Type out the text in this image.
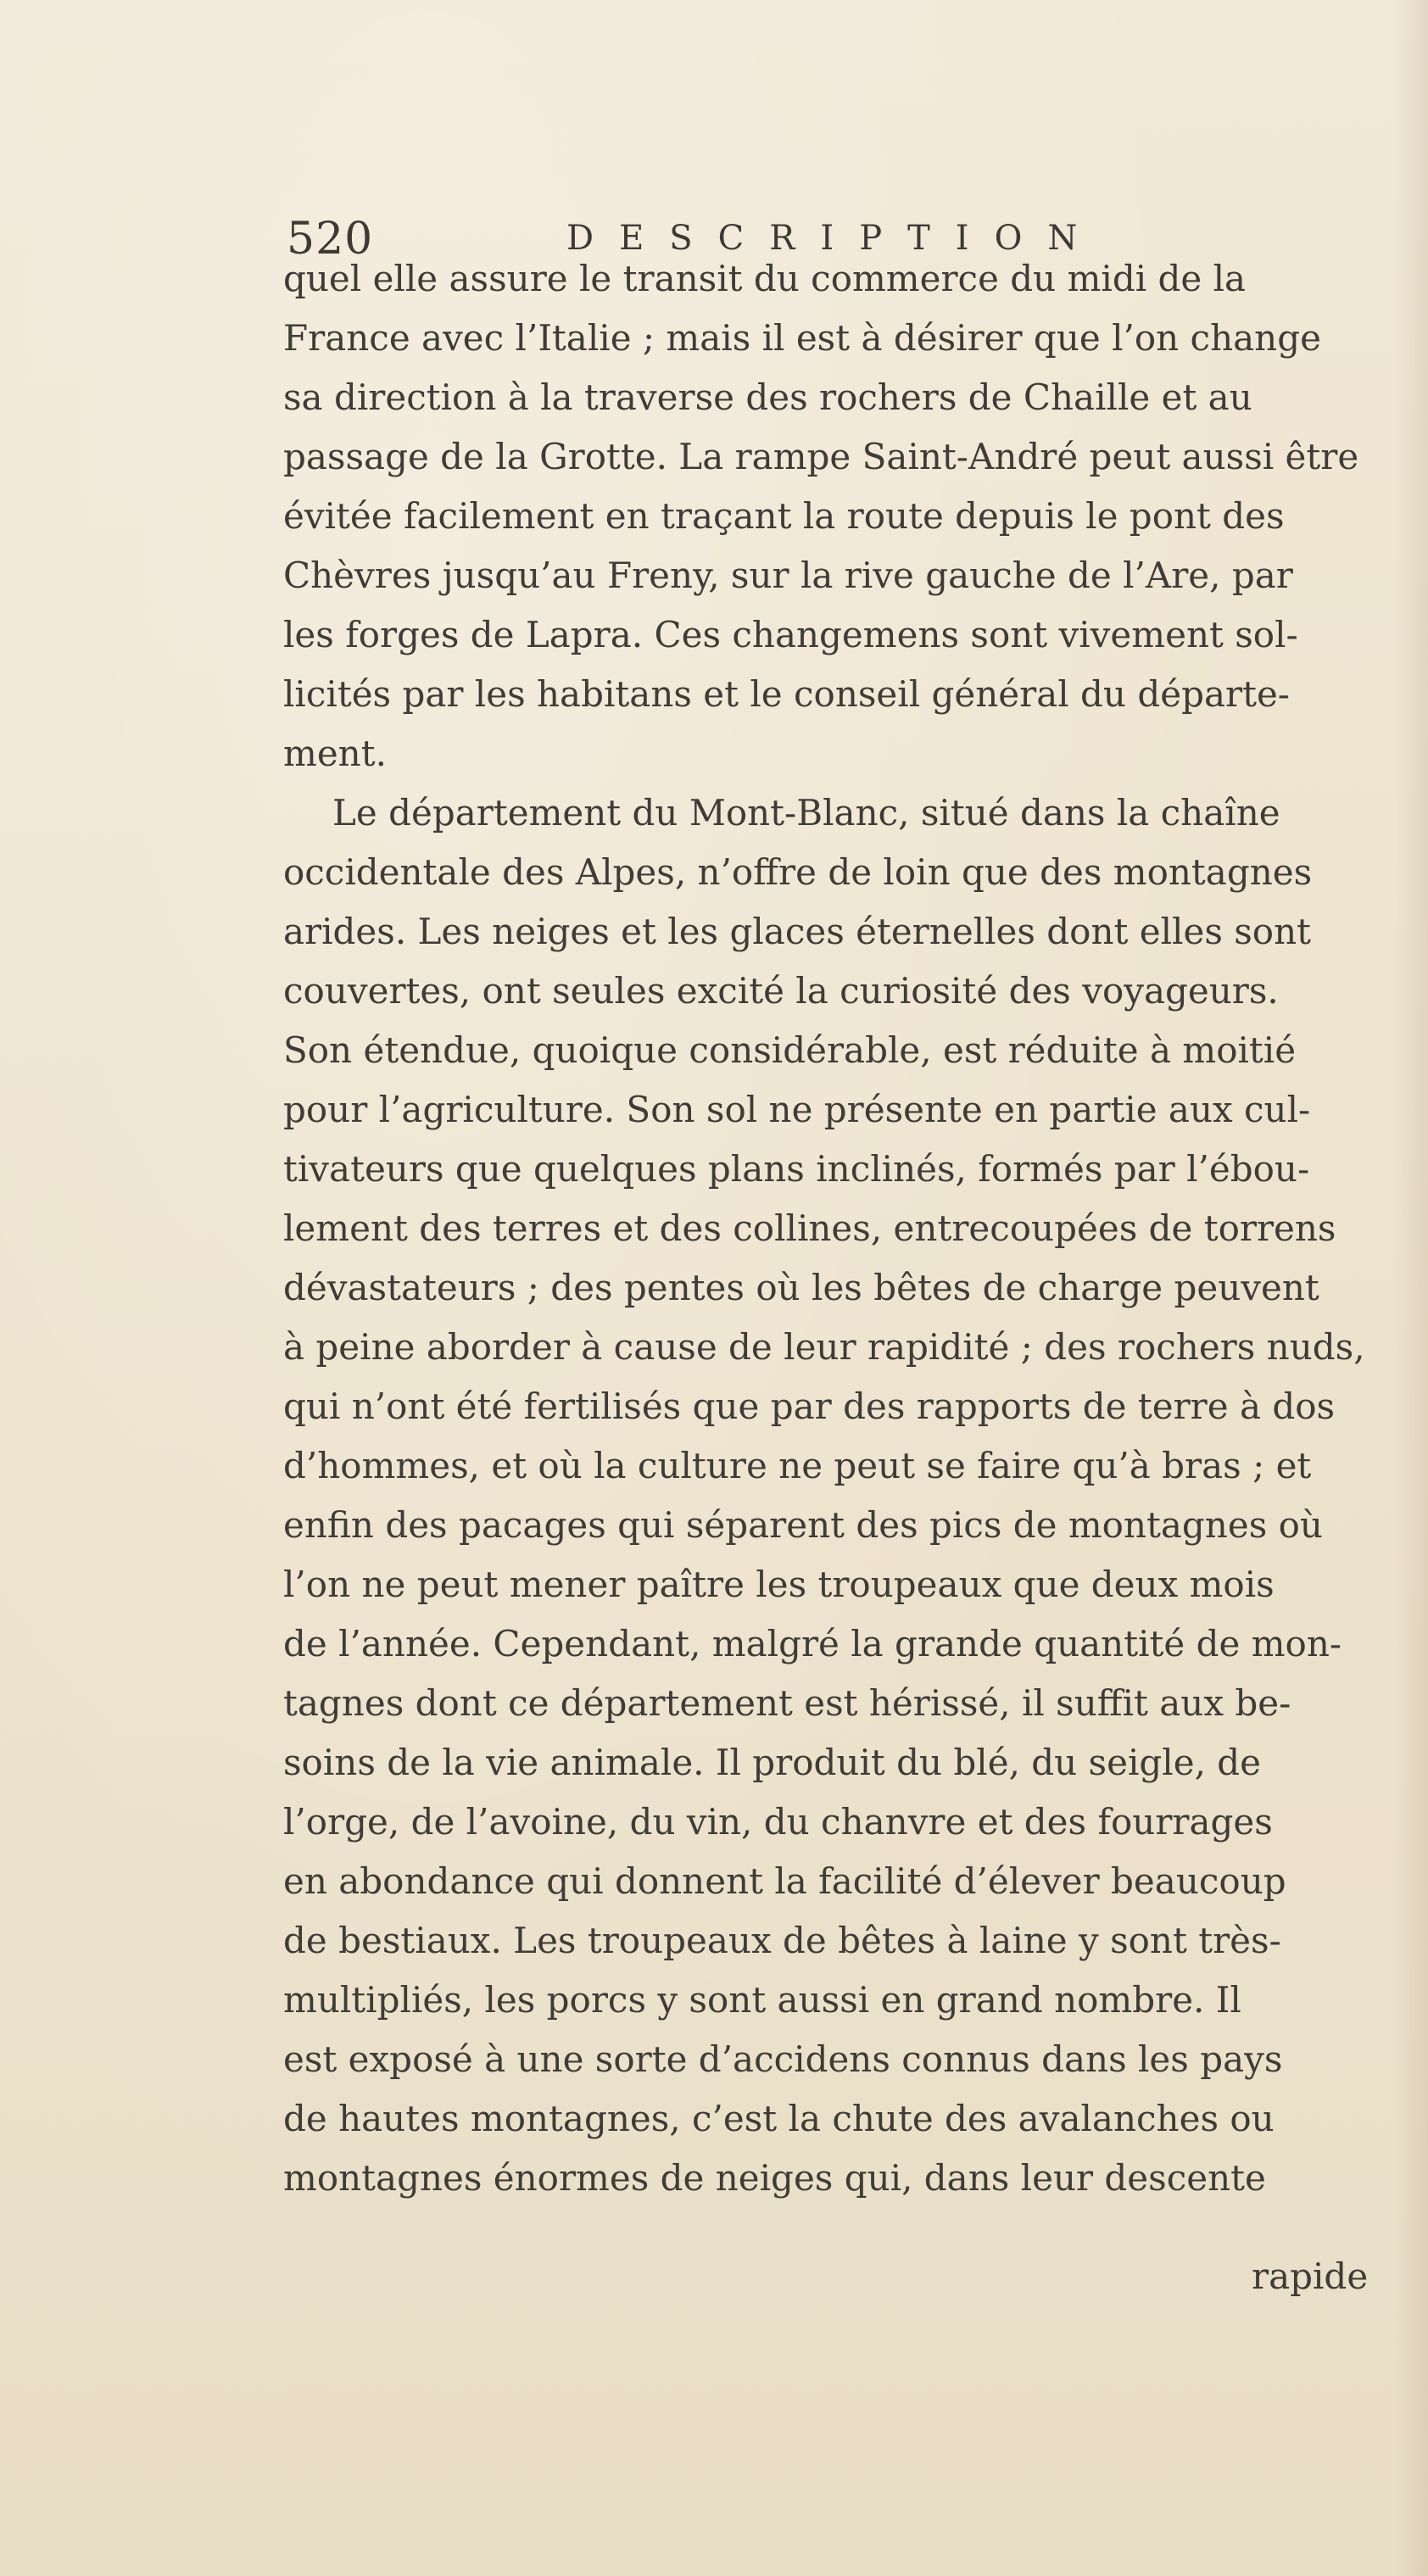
520	DESCRIPTION
quel elle assure le transit du commerce du midi de la
France avec l’Italie ; mais il est à désirer que l’on change
sa direction à la traverse des rochers de Chaille et au
passage de la Grotte. La rampe Saint-André peut aussi être
évitée facilement en traçant la route depuis le pont des
Chèvres jusqu’au Freny, sur la rive gauche de l’Are, par
les forges de Lapra. Ces changemens sont vivement sol-
licités par les habitans et le conseil général du départe-
ment.
Le département du Mont-Blanc, situé dans la chaîne
occidentale des Alpes, n’offre de loin que des montagnes
arides. Les neiges et les glaces éternelles dont elles sont
couvertes, ont seules excité la curiosité des voyageurs.
Son étendue, quoique considérable, est réduite à moitié
pour l’agriculture. Son sol ne présente en partie aux cul-
tivateurs que quelques plans inclinés, formés par l’ébou-
lement des terres et des collines, entrecoupées de torrens
dévastateurs ; des pentes où les bêtes de charge peuvent
à peine aborder à cause de leur rapidité ; des rochers nuds,
qui n’ont été fertilisés que par des rapports de terre à dos
d’hommes, et où la culture ne peut se faire qu’à bras ; et
enfin des pacages qui séparent des pics de montagnes où
l’on ne peut mener paître les troupeaux que deux mois
de l’année. Cependant, malgré la grande quantité de mon-
tagnes dont ce département est hérissé, il suffit aux be-
soins de la vie animale. Il produit du blé, du seigle, de
l’orge, de l’avoine, du vin, du chanvre et des fourrages
en abondance qui donnent la facilité d’élever beaucoup
de bestiaux. Les troupeaux de bêtes à laine y sont très-
multipliés, les porcs y sont aussi en grand nombre. Il
est exposé à une sorte d’accidens connus dans les pays
de hautes montagnes, c’est la chute des avalanches ou
montagnes énormes de neiges qui, dans leur descente
rapide
